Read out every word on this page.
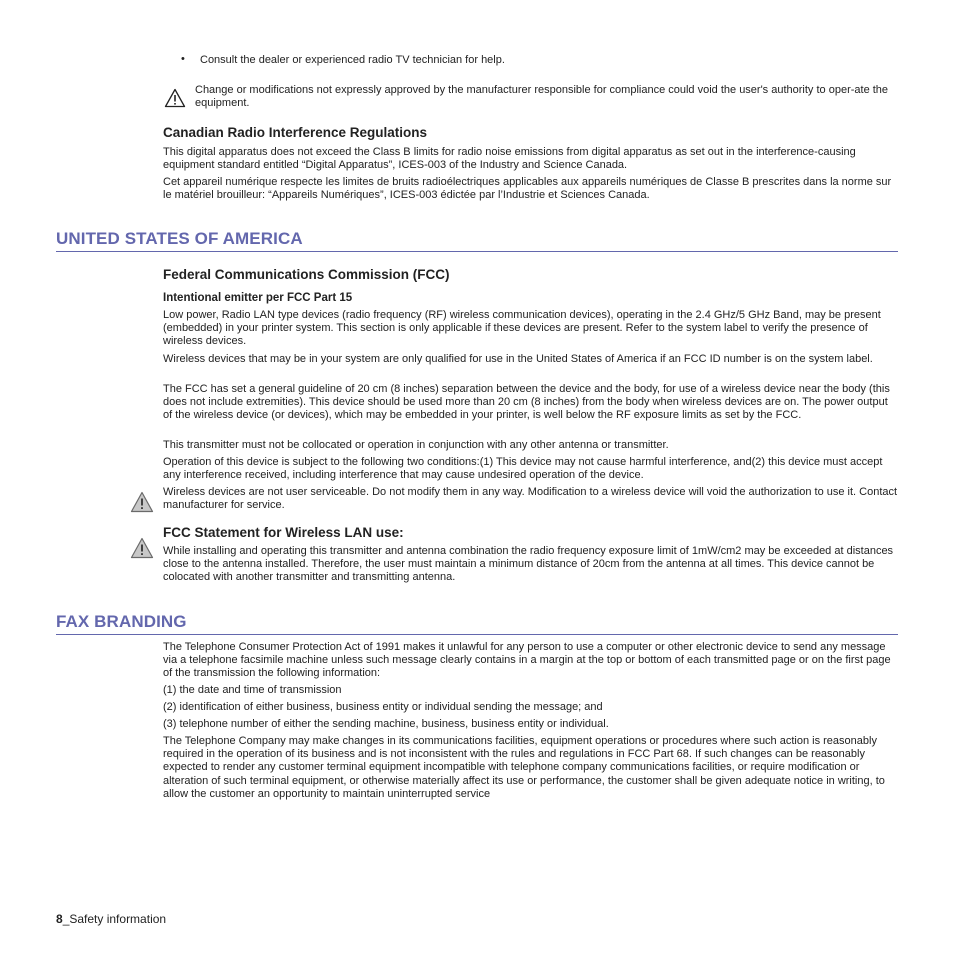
• Consult the dealer or experienced radio TV technician for help.

Change or modifications not expressly approved by the manufacturer responsible for compliance could void the user's authority to oper-ate the equipment.

Canadian Radio Interference Regulations

This digital apparatus does not exceed the Class B limits for radio noise emissions from digital apparatus as set out in the interference-causing equipment standard entitled “Digital Apparatus”, ICES-003 of the Industry and Science Canada.

Cet appareil numérique respecte les limites de bruits radioélectriques applicables aux appareils numériques de Classe B prescrites dans la norme sur le matériel brouilleur: “Appareils Numériques”, ICES-003 édictée par l’Industrie et Sciences Canada.

UNITED STATES OF AMERICA
Federal Communications Commission (FCC)
Intentional emitter per FCC Part 15

Low power, Radio LAN type devices (radio frequency (RF) wireless communication devices), operating in the 2.4 GHz/5 GHz Band, may be present (embedded) in your printer system. This section is only applicable if these devices are present. Refer to the system label to verify the presence of wireless devices.

Wireless devices that may be in your system are only qualified for use in the United States of America if an FCC ID number is on the system label.

The FCC has set a general guideline of 20 cm (8 inches) separation between the device and the body, for use of a wireless device near the body (this does not include extremities). This device should be used more than 20 cm (8 inches) from the body when wireless devices are on. The power output of the wireless device (or devices), which may be embedded in your printer, is well below the RF exposure limits as set by the FCC.

This transmitter must not be collocated or operation in conjunction with any other antenna or transmitter.

Operation of this device is subject to the following two conditions:(1) This device may not cause harmful interference, and(2) this device must accept any interference received, including interference that may cause undesired operation of the device.

Wireless devices are not user serviceable. Do not modify them in any way. Modification to a wireless device will void the authorization to use it. Contact manufacturer for service.

FCC Statement for Wireless LAN use:

While installing and operating this transmitter and antenna combination the radio frequency exposure limit of 1mW/cm2 may be exceeded at distances close to the antenna installed. Therefore, the user must maintain a minimum distance of 20cm from the antenna at all times. This device cannot be colocated with another transmitter and transmitting antenna.

FAX BRANDING

The Telephone Consumer Protection Act of 1991 makes it unlawful for any person to use a computer or other electronic device to send any message via a telephone facsimile machine unless such message clearly contains in a margin at the top or bottom of each transmitted page or on the first page of the transmission the following information:

(1) the date and time of transmission

(2) identification of either business, business entity or individual sending the message; and

(3) telephone number of either the sending machine, business, business entity or individual.

The Telephone Company may make changes in its communications facilities, equipment operations or procedures where such action is reasonably required in the operation of its business and is not inconsistent with the rules and regulations in FCC Part 68. If such changes can be reasonably expected to render any customer terminal equipment incompatible with telephone company communications facilities, or require modification or alteration of such terminal equipment, or otherwise materially affect its use or performance, the customer shall be given adequate notice in writing, to allow the customer an opportunity to maintain uninterrupted service

8_Safety information
